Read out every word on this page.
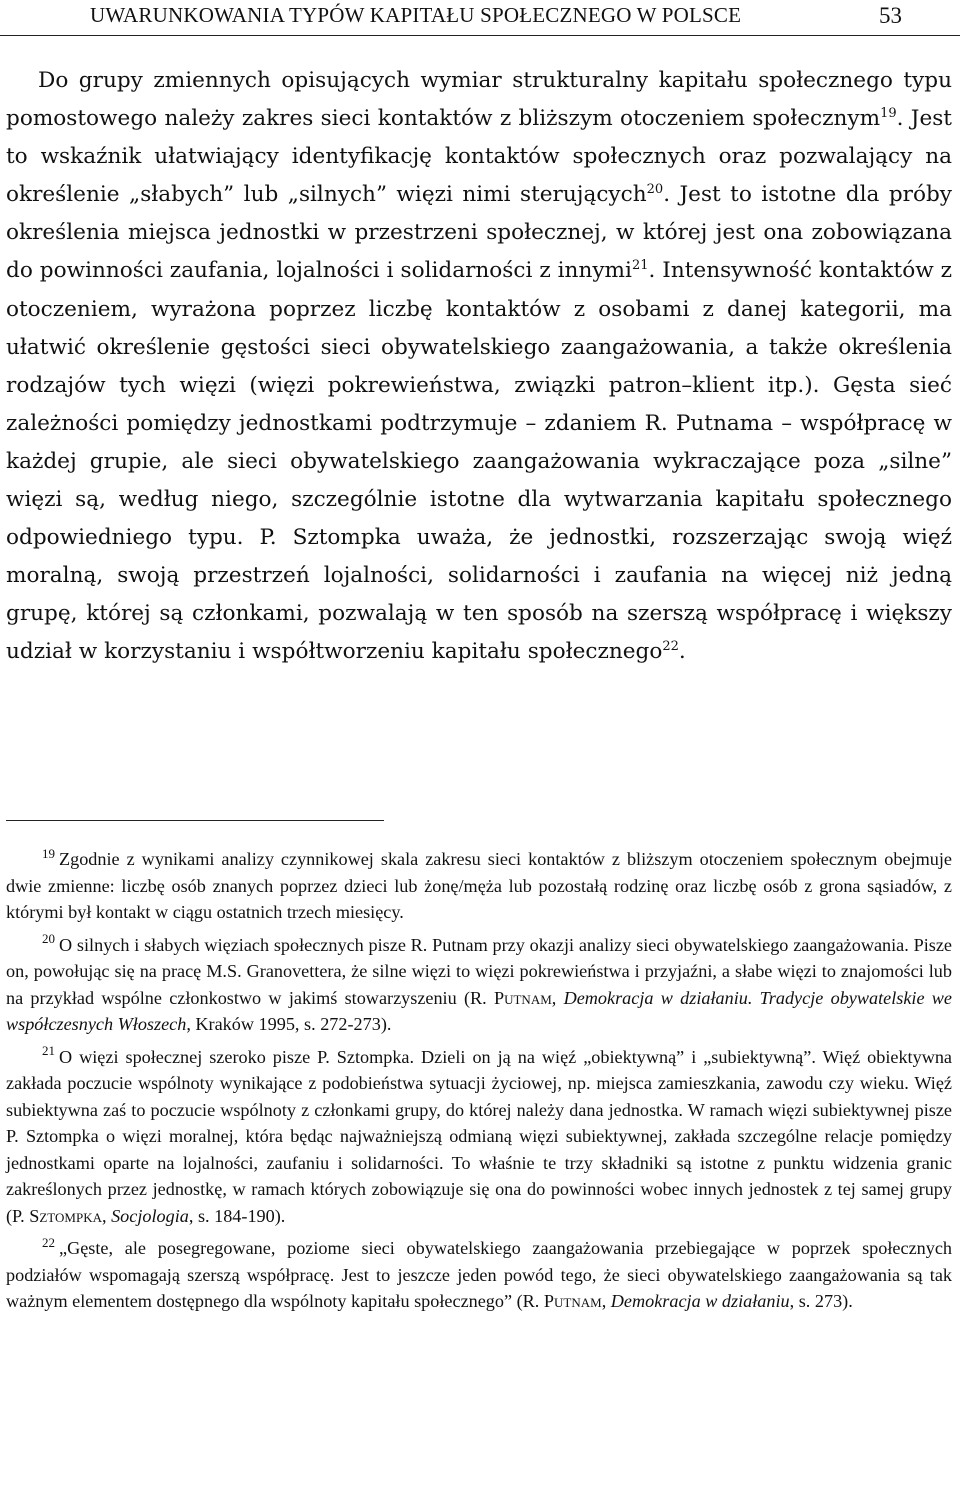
UWARUNKOWANIA TYPÓW KAPITAŁU SPOŁECZNEGO W POLSCE	53

Do grupy zmiennych opisujących wymiar strukturalny kapitału społecznego typu pomostowego należy zakres sieci kontaktów z bliższym otoczeniem społecznym$^{19}$. Jest to wskaźnik ułatwiający identyfikację kontaktów społecznych oraz pozwalający na określenie „słabych” lub „silnych” więzi nimi sterujących$^{20}$. Jest to istotne dla próby określenia miejsca jednostki w przestrzeni społecznej, w której jest ona zobowiązana do powinności zaufania, lojalności i solidarności z innymi$^{21}$. Intensywność kontaktów z otoczeniem, wyrażona poprzez liczbę kontaktów z osobami z danej kategorii, ma ułatwić określenie gęstości sieci obywatelskiego zaangażowania, a także określenia rodzajów tych więzi (więzi pokrewieństwa, związki patron–klient itp.). Gęsta sieć zależności pomiędzy jednostkami podtrzymuje – zdaniem R. Putnama – współpracę w każdej grupie, ale sieci obywatelskiego zaangażowania wykraczające poza „silne” więzi są, według niego, szczególnie istotne dla wytwarzania kapitału społecznego odpowiedniego typu. P. Sztompka uważa, że jednostki, rozszerzając swoją więź moralną, swoją przestrzeń lojalności, solidarności i zaufania na więcej niż jedną grupę, której są członkami, pozwalają w ten sposób na szerszą współpracę i większy udział w korzystaniu i współtworzeniu kapitału społecznego$^{22}$.

$^{19}$ Zgodnie z wynikami analizy czynnikowej skala zakresu sieci kontaktów z bliższym otoczeniem społecznym obejmuje dwie zmienne: liczbę osób znanych poprzez dzieci lub żonę/męża lub pozostałą rodzinę oraz liczbę osób z grona sąsiadów, z którymi był kontakt w ciągu ostatnich trzech miesięcy.

$^{20}$ O silnych i słabych więziach społecznych pisze R. Putnam przy okazji analizy sieci obywatelskiego zaangażowania. Pisze on, powołując się na pracę M.S. Granovettera, że silne więzi to więzi pokrewieństwa i przyjaźni, a słabe więzi to znajomości lub na przykład wspólne członkostwo w jakimś stowarzyszeniu (R. Putnam, Demokracja w działaniu. Tradycje obywatelskie we współczesnych Włoszech, Kraków 1995, s. 272-273).

$^{21}$ O więzi społecznej szeroko pisze P. Sztompka. Dzieli on ją na więź „obiektywną” i „subiektywną”. Więź obiektywna zakłada poczucie wspólnoty wynikające z podobieństwa sytuacji życiowej, np. miejsca zamieszkania, zawodu czy wieku. Więź subiektywna zaś to poczucie wspólnoty z członkami grupy, do której należy dana jednostka. W ramach więzi subiektywnej pisze P. Sztompka o więzi moralnej, która będąc najważniejszą odmianą więzi subiektywnej, zakłada szczególne relacje pomiędzy jednostkami oparte na lojalności, zaufaniu i solidarności. To właśnie te trzy składniki są istotne z punktu widzenia granic zakreślonych przez jednostkę, w ramach których zobowiązuje się ona do powinności wobec innych jednostek z tej samej grupy (P. Sztompka, Socjologia, s. 184-190).

$^{22}$ „Gęste, ale posegregowane, poziome sieci obywatelskiego zaangażowania przebiegające w poprzek społecznych podziałów wspomagają szerszą współpracę. Jest to jeszcze jeden powód tego, że sieci obywatelskiego zaangażowania są tak ważnym elementem dostępnego dla wspólnoty kapitału społecznego” (R. Putnam, Demokracja w działaniu, s. 273).
